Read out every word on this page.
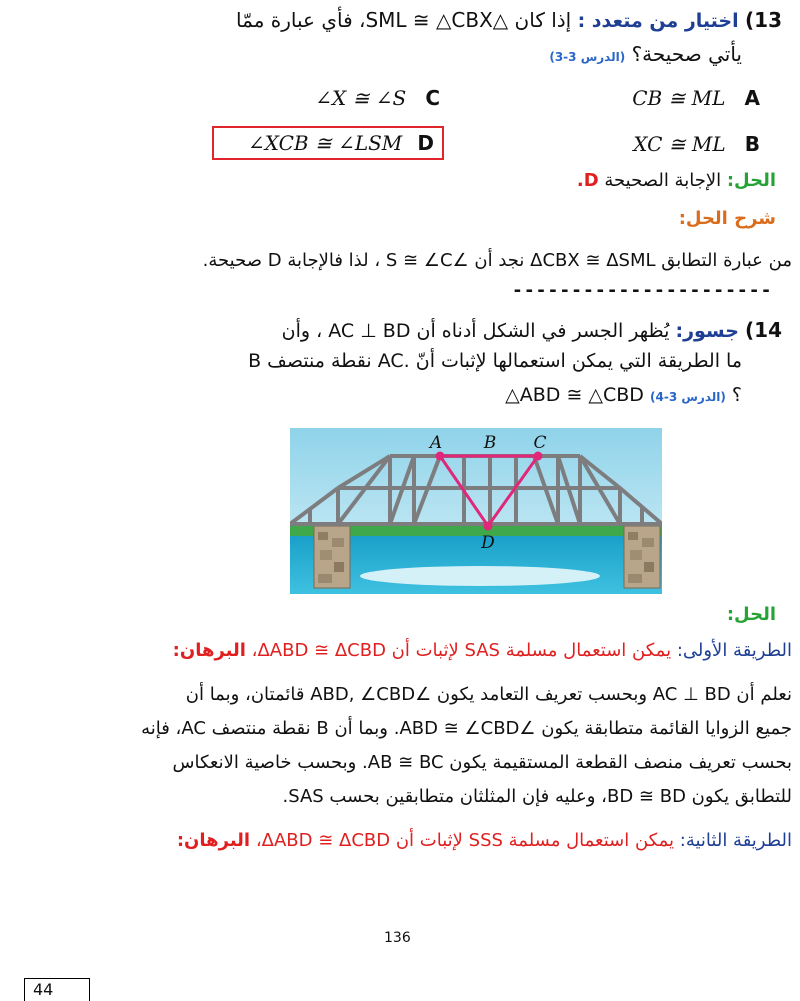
13) اختيار من متعدد : إذا كان △SML ≅ △CBX، فأي عبارة ممّا
يأتي صحيحة؟ (الدرس 3-3)
CB ≅ ML A
∠X ≅ ∠S C
XC ≅ ML B
∠XCB ≅ ∠LSM D
الحل: الإجابة الصحيحة D.
شرح الحل:
من عبارة التطابق ΔCBX ≅ ΔSML نجد أن ∠S ≅ ∠C ، لذا فالإجابة D صحيحة.
----------------------
14) جسور: يُظهر الجسر في الشكل أدناه أن AC ⊥ BD ، وأن
B نقطة منتصف AC. ما الطريقة التي يمكن استعمالها لإثبات أنّ
△ABD ≅ △CBD ؟ (الدرس 3-4)
A B C
D
الحل:
الطريقة الأولى: يمكن استعمال مسلمة SAS لإثبات أن ΔABD ≅ ΔCBD، البرهان:
نعلم أن AC ⊥ BD وبحسب تعريف التعامد يكون ∠ABD, ∠CBD قائمتان، وبما أن
جميع الزوايا القائمة متطابقة يكون ∠ABD ≅ ∠CBD. وبما أن B نقطة منتصف AC، فإنه
بحسب تعريف منصف القطعة المستقيمة يكون AB ≅ BC. وبحسب خاصية الانعكاس
للتطابق يكون BD ≅ BD، وعليه فإن المثلثان متطابقين بحسب SAS.
الطريقة الثانية: يمكن استعمال مسلمة SSS لإثبات أن ΔABD ≅ ΔCBD، البرهان:
136
44
